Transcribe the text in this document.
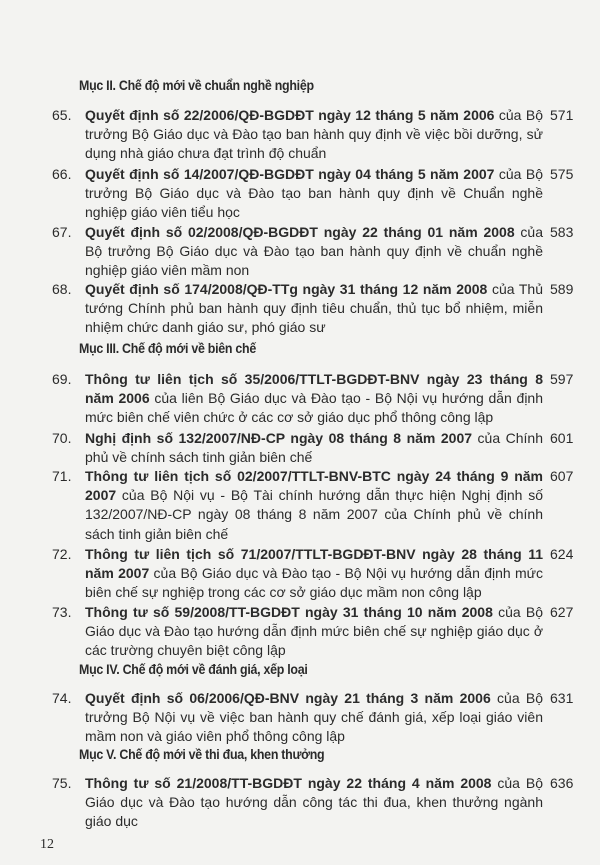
Mục II. Chế độ mới về chuẩn nghề nghiệp
65. Quyết định số 22/2006/QĐ-BGDĐT ngày 12 tháng 5 năm 2006 của Bộ trưởng Bộ Giáo dục và Đào tạo ban hành quy định về việc bồi dưỡng, sử dụng nhà giáo chưa đạt trình độ chuẩn
571
66. Quyết định số 14/2007/QĐ-BGDĐT ngày 04 tháng 5 năm 2007 của Bộ trưởng Bộ Giáo dục và Đào tạo ban hành quy định về Chuẩn nghề nghiệp giáo viên tiểu học
575
67. Quyết định số 02/2008/QĐ-BGDĐT ngày 22 tháng 01 năm 2008 của Bộ trưởng Bộ Giáo dục và Đào tạo ban hành quy định về chuẩn nghề nghiệp giáo viên mầm non
583
68. Quyết định số 174/2008/QĐ-TTg ngày 31 tháng 12 năm 2008 của Thủ tướng Chính phủ ban hành quy định tiêu chuẩn, thủ tục bổ nhiệm, miễn nhiệm chức danh giáo sư, phó giáo sư
589
Mục III. Chế độ mới về biên chế
69. Thông tư liên tịch số 35/2006/TTLT-BGDĐT-BNV ngày 23 tháng 8 năm 2006 của liên Bộ Giáo dục và Đào tạo - Bộ Nội vụ hướng dẫn định mức biên chế viên chức ở các cơ sở giáo dục phổ thông công lập
597
70. Nghị định số 132/2007/NĐ-CP ngày 08 tháng 8 năm 2007 của Chính phủ về chính sách tinh giản biên chế
601
71. Thông tư liên tịch số 02/2007/TTLT-BNV-BTC ngày 24 tháng 9 năm 2007 của Bộ Nội vụ - Bộ Tài chính hướng dẫn thực hiện Nghị định số 132/2007/NĐ-CP ngày 08 tháng 8 năm 2007 của Chính phủ về chính sách tinh giản biên chế
607
72. Thông tư liên tịch số 71/2007/TTLT-BGDĐT-BNV ngày 28 tháng 11 năm 2007 của Bộ Giáo dục và Đào tạo - Bộ Nội vụ hướng dẫn định mức biên chế sự nghiệp trong các cơ sở giáo dục mầm non công lập
624
73. Thông tư số 59/2008/TT-BGDĐT ngày 31 tháng 10 năm 2008 của Bộ Giáo dục và Đào tạo hướng dẫn định mức biên chế sự nghiệp giáo dục ở các trường chuyên biệt công lập
627
Mục IV. Chế độ mới về đánh giá, xếp loại
74. Quyết định số 06/2006/QĐ-BNV ngày 21 tháng 3 năm 2006 của Bộ trưởng Bộ Nội vụ về việc ban hành quy chế đánh giá, xếp loại giáo viên mầm non và giáo viên phổ thông công lập
631
Mục V. Chế độ mới về thi đua, khen thưởng
75. Thông tư số 21/2008/TT-BGDĐT ngày 22 tháng 4 năm 2008 của Bộ Giáo dục và Đào tạo hướng dẫn công tác thi đua, khen thưởng ngành giáo dục
636
12
